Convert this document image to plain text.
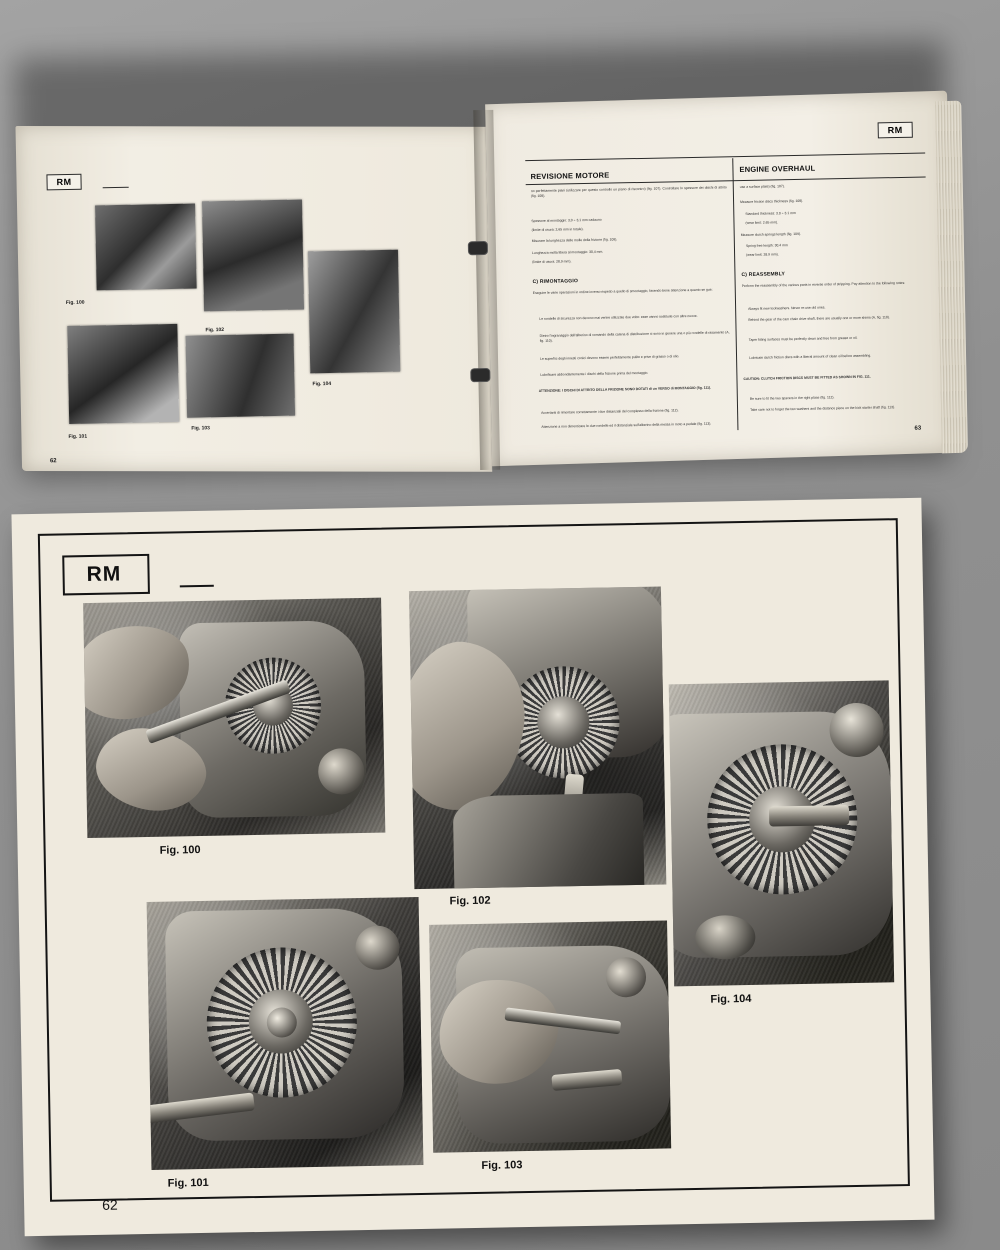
RM
Fig. 100
Fig. 102
Fig. 104
Fig. 101
Fig. 103
62
RM
REVISIONE MOTORE
ENGINE OVERHAUL
no perfettamente piani (utilizzare per questo controllo un piano di riscontro) (fig. 107). Controllare lo spessore dei dischi di attrito (fig. 108).
Spessore al montaggio: 3,0 ÷ 3,1 mm cadauno
(limite di usura: 2,65 mm in totale).
Misurare la lunghezza delle molle della frizione (fig. 109).
Lunghezza molla libera al montaggio: 30,4 mm.
(limite di usura: 28,9 mm).
C) RIMONTAGGIO
Eseguire le varie operazioni in ordine inverso rispetto a quello di smontaggio, facendo bene attenzione a quanto se gue:
Le rondelle di sicurezza non devono mai venire utilizzate due volte: esse vanno sostituite con altre nuove.
Dietro l'ingranaggio dell'alberino di comando della catena di distribuzione ci sono in genere una o più rondelle di rasamento (A, fig. 110).
Le superfici degli innesti conici devono essere perfettamente pulite e prive di grasso o di olio.
Lubrificare abbondantemente i dischi della frizione prima del montaggio.
ATTENZIONE: I DISCHI DI ATTRITO DELLA FRIZIONE SONO DOTATI di un VERSO di MONTAGGIO (fig. 111).
Accertarsi di rimontare correttamente i due distanziali del complesso della frizione (fig. 112).
Attenzione a non dimenticare le due rondelle ed il distanziale sull'alberino della messa in moto a pedale (fig. 113).
use a surface plate) (fig. 107).
Measure friction discs thickness (fig. 108).
Standard thickness: 3.0 ÷ 3.1 mm
(wear limit: 2.65 mm).
Measure clutch springs length (fig. 109).
Spring free length: 30.4 mm
(wear limit: 28.9 mm).
C) REASSEMBLY
Perform the reassembly of the various parts in reverse order of stripping. Pay attention to the following notes:
Always fit new lockwashers. Never re-use old ones.
Behind the gear of the cam chain drive shaft, there are usually one or more shims (A, fig. 110).
Taper fitting surfaces must be perfectly clean and free from grease or oil.
Lubricate clutch friction discs with a liberal amount of clean oil before assembling.
CAUTION: CLUTCH FRICTION DISCS MUST BE FITTED AS SHOWN IN FIG. 111.
Be sure to fit the two spacers in the right place (fig. 112).
Take care not to forget the two washers and the distance piece on the kick starter shaft (fig. 113).
63
RM
Fig. 100
Fig. 102
Fig. 104
Fig. 103
Fig. 101
62
